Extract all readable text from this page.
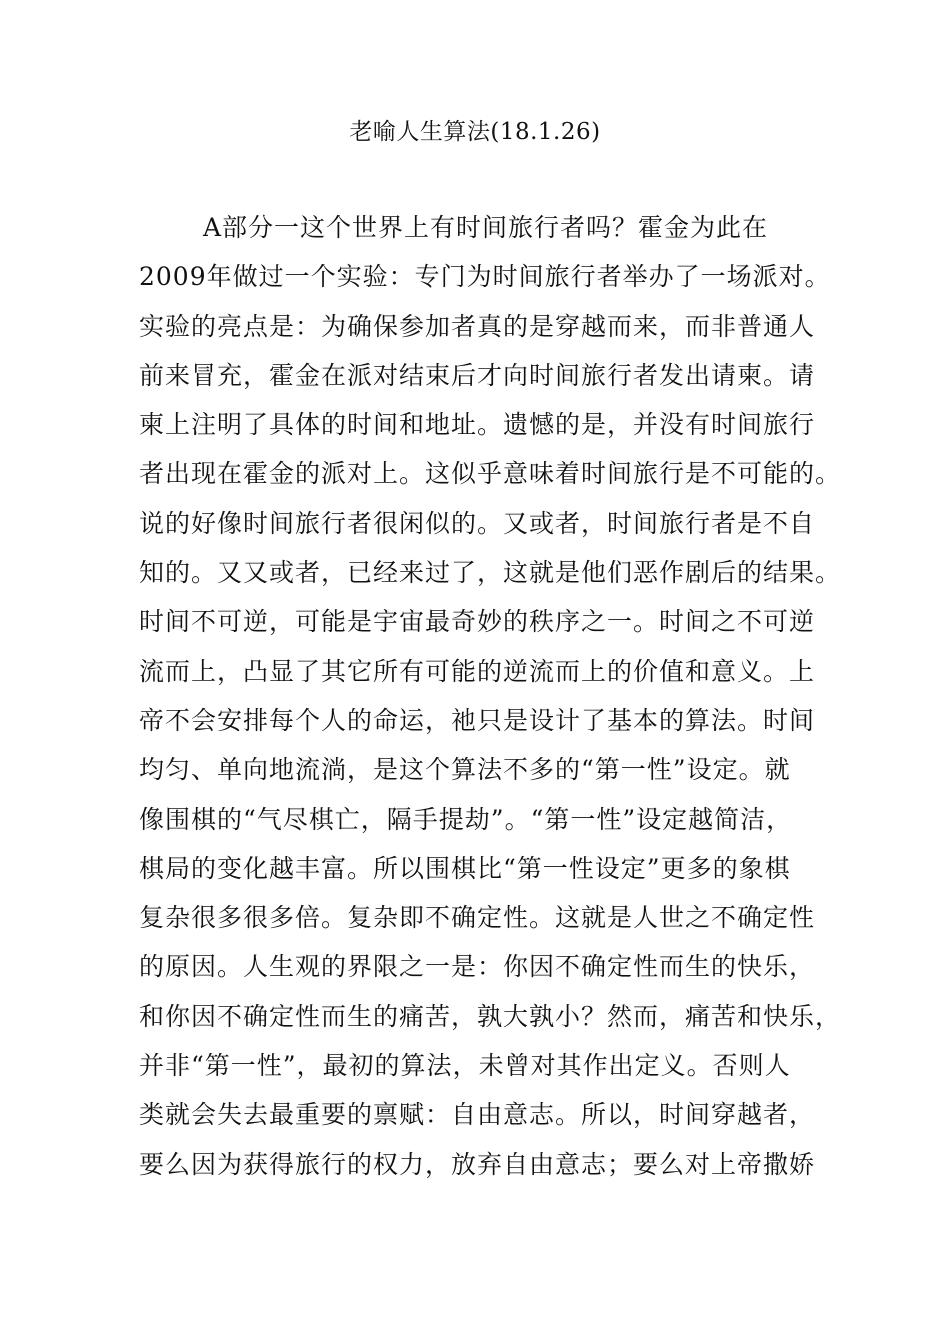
老喻人生算法(18.1.26)
A部分一这个世界上有时间旅行者吗？霍金为此在
2009年做过一个实验：专门为时间旅行者举办了一场派对。
实验的亮点是：为确保参加者真的是穿越而来，而非普通人
前来冒充，霍金在派对结束后才向时间旅行者发出请柬。请
柬上注明了具体的时间和地址。遗憾的是，并没有时间旅行
者出现在霍金的派对上。这似乎意味着时间旅行是不可能的。
说的好像时间旅行者很闲似的。又或者，时间旅行者是不自
知的。又又或者，已经来过了，这就是他们恶作剧后的结果。
时间不可逆，可能是宇宙最奇妙的秩序之一。时间之不可逆
流而上，凸显了其它所有可能的逆流而上的价值和意义。上
帝不会安排每个人的命运，祂只是设计了基本的算法。时间
均匀、单向地流淌，是这个算法不多的“第一性”设定。就
像围棋的“气尽棋亡，隔手提劫”。“第一性”设定越简洁，
棋局的变化越丰富。所以围棋比“第一性设定”更多的象棋
复杂很多很多倍。复杂即不确定性。这就是人世之不确定性
的原因。人生观的界限之一是：你因不确定性而生的快乐，
和你因不确定性而生的痛苦，孰大孰小？然而，痛苦和快乐，
并非“第一性”，最初的算法，未曾对其作出定义。否则人
类就会失去最重要的禀赋：自由意志。所以，时间穿越者，
要么因为获得旅行的权力，放弃自由意志；要么对上帝撒娇
